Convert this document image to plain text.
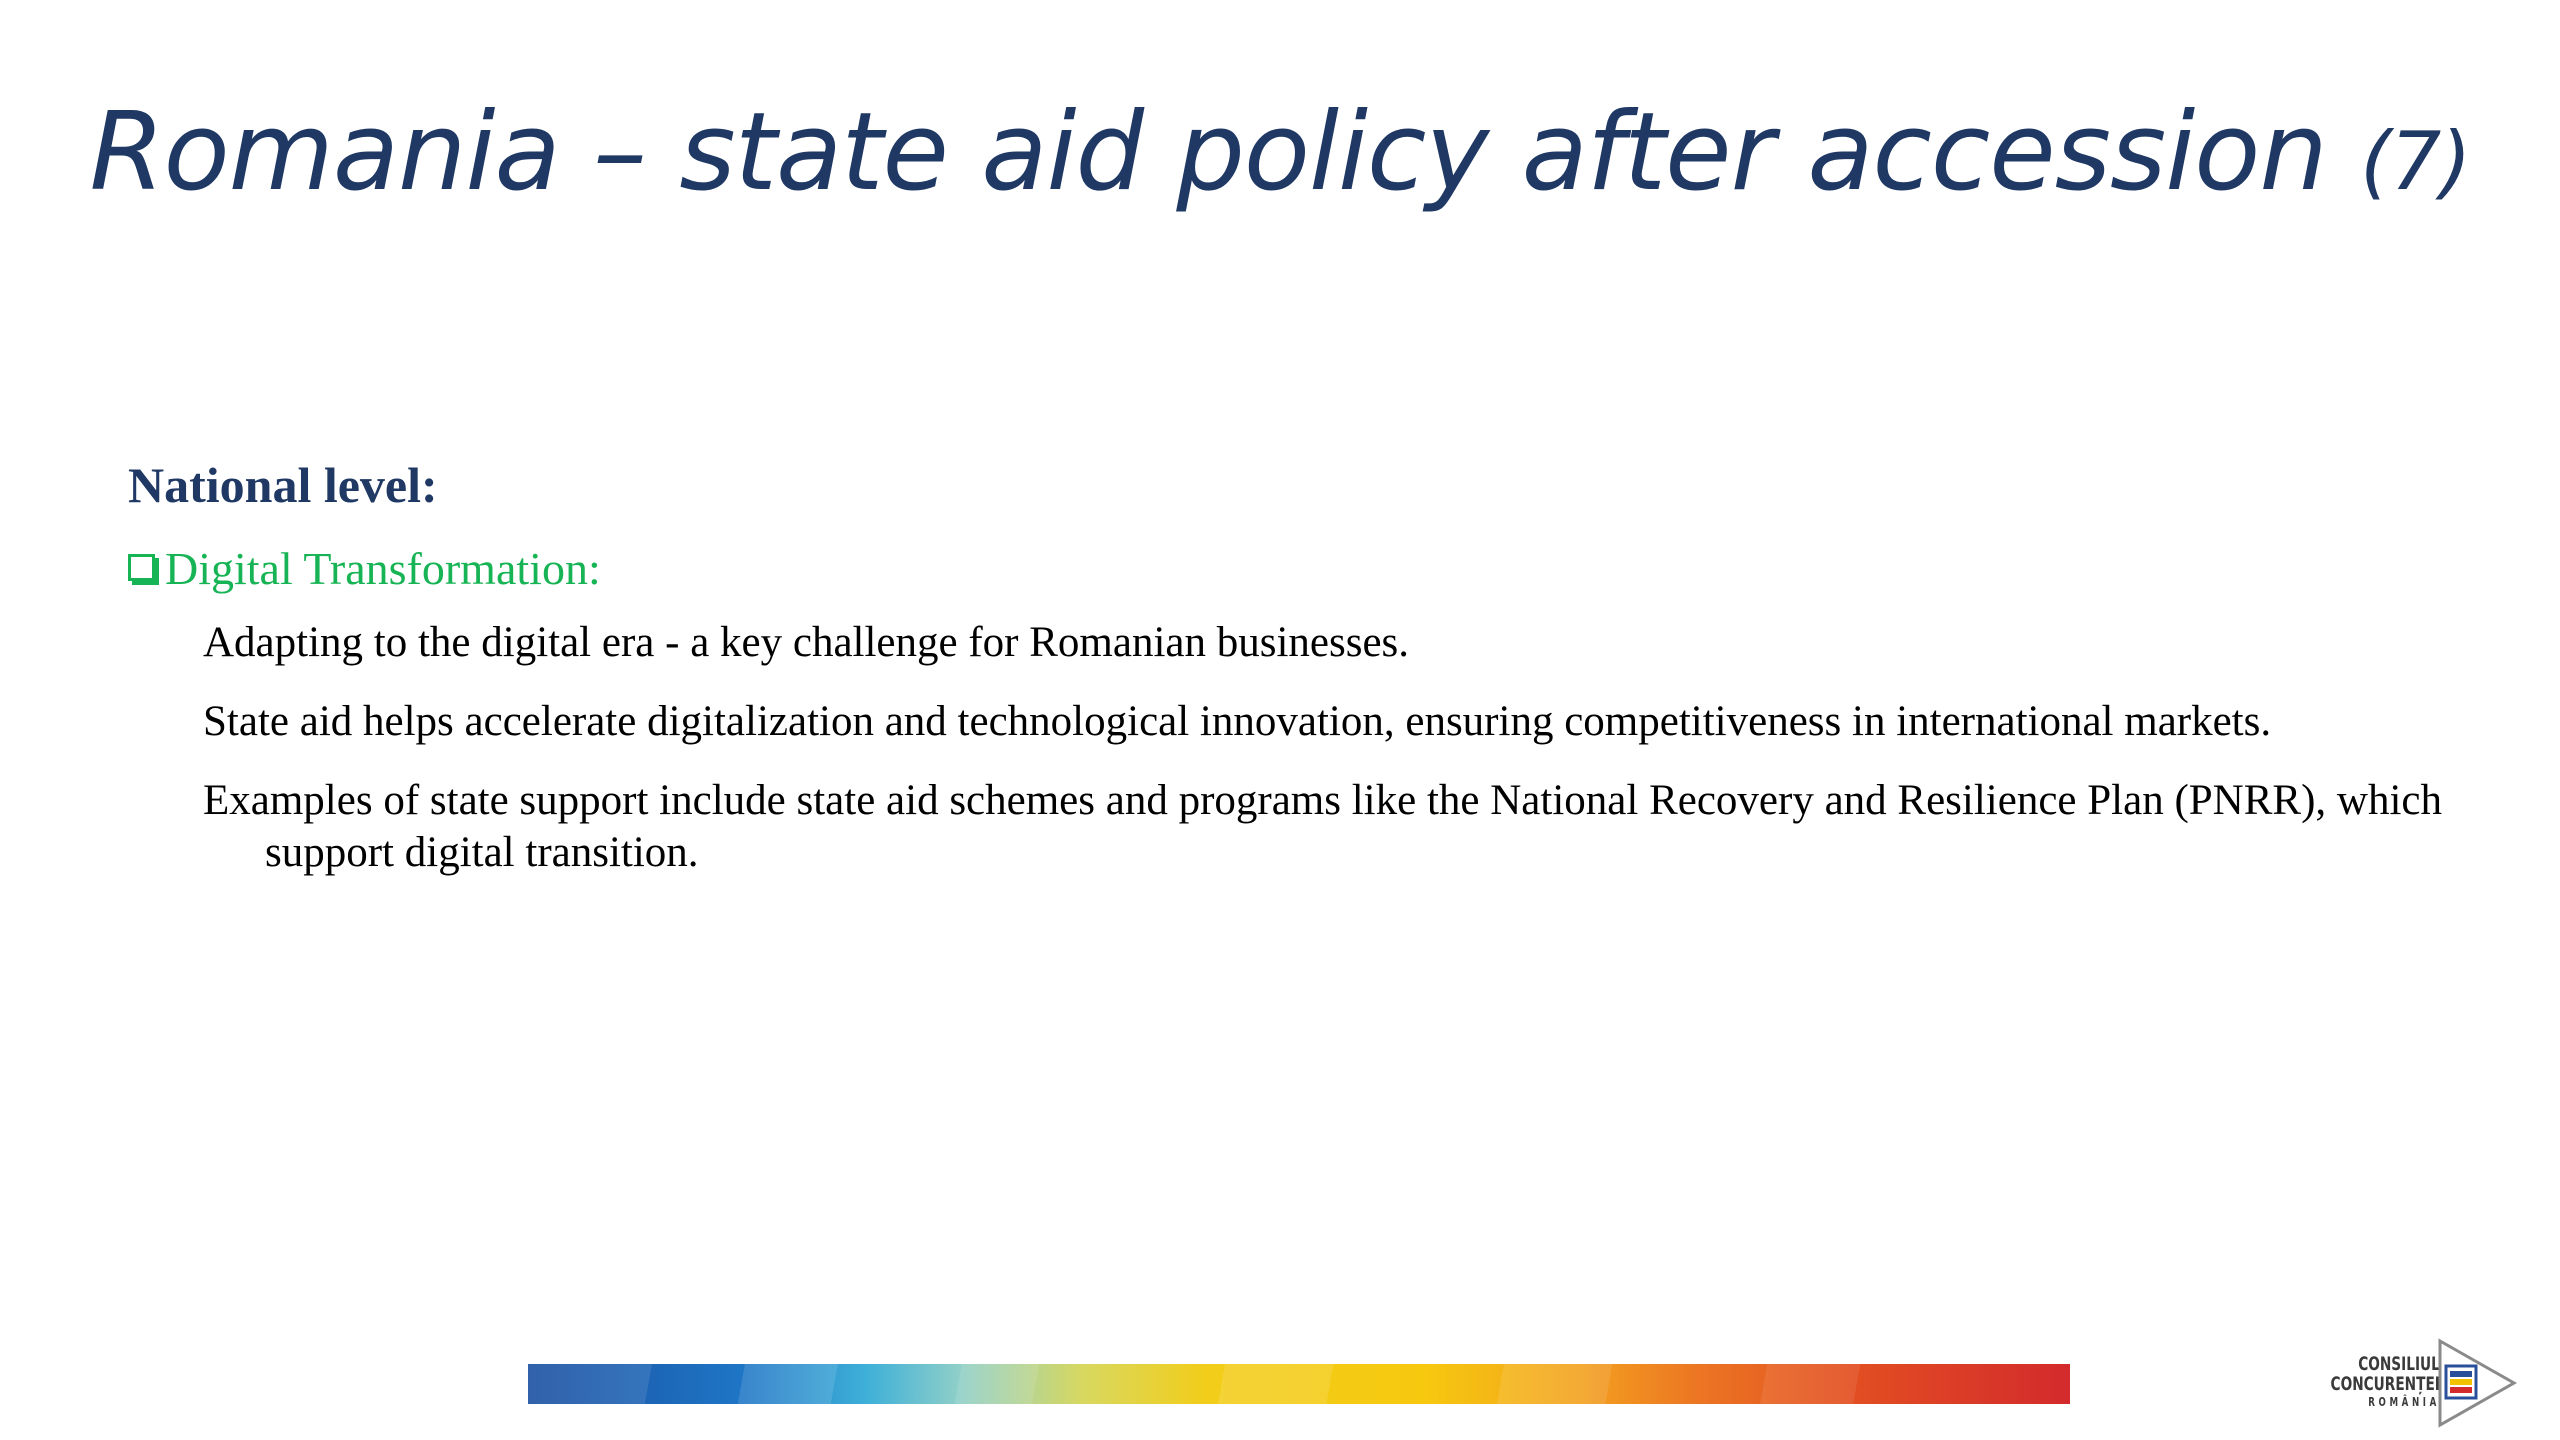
Romania – state aid policy after accession (7)
National level:
Digital Transformation:

Adapting to the digital era - a key challenge for Romanian businesses.

State aid helps accelerate digitalization and technological innovation, ensuring competitiveness in international markets.

Examples of state support include state aid schemes and programs like the National Recovery and Resilience Plan (PNRR), which support digital transition.

CONSILIUL
CONCURENȚEI
ROMÂNIA
